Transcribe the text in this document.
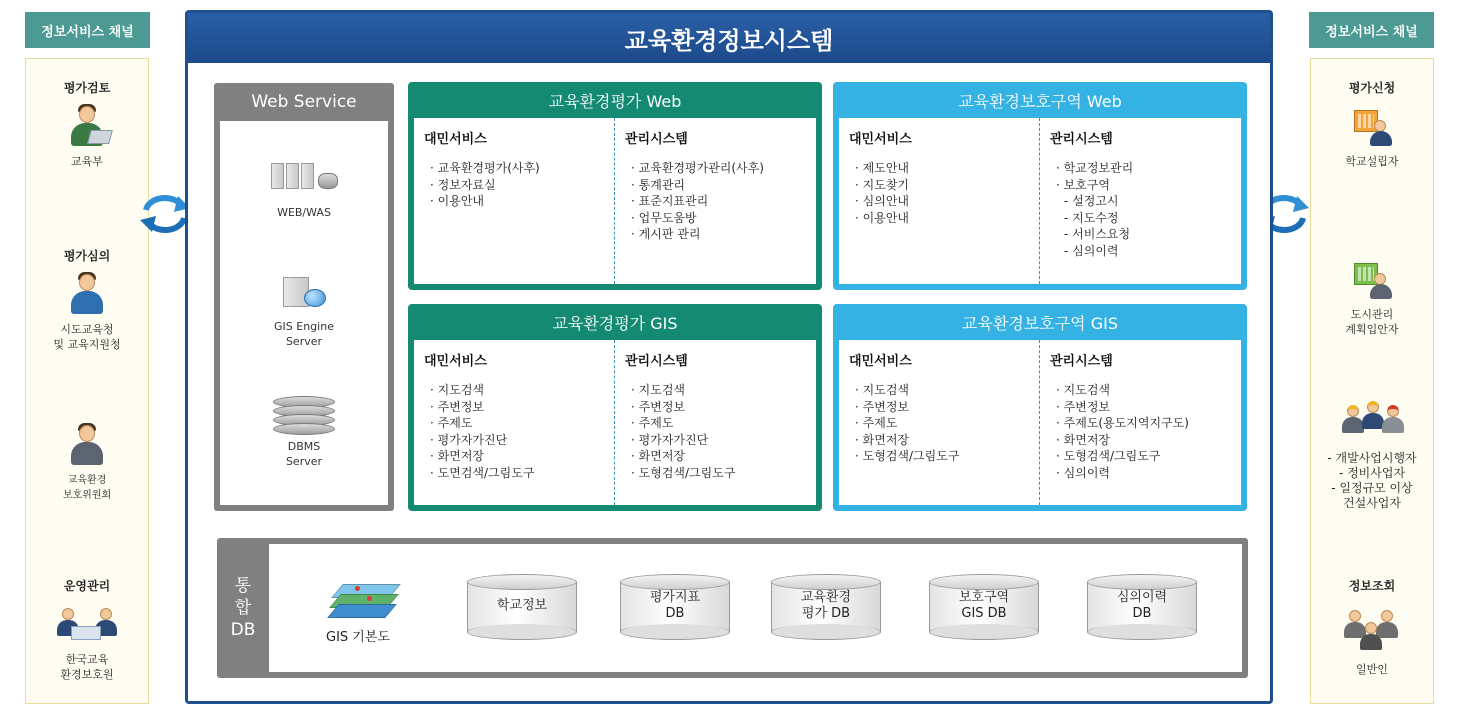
정보서비스 채널
평가검토
교육부
평가심의
시도교육청
및 교육지원청
교육환경
보호위원회
운영관리
한국교육
환경보호원
정보서비스 채널
평가신청
학교설립자
도시관리
계획입안자
- 개발사업시행자
- 정비사업자
- 일정규모 이상
건설사업자
정보조회
일반인
교육환경정보시스템
Web Service

WEB/WAS

GIS Engine
Server
DBMS
Server
교육환경평가 Web
대민서비스
· 교육환경평가(사후)
· 정보자료실
· 이용안내
관리시스템
· 교육환경평가관리(사후)
· 통계관리
· 표준지표관리
· 업무도움방
· 게시판 관리
교육환경보호구역 Web
대민서비스
· 제도안내
· 지도찾기
· 심의안내
· 이용안내
관리시스템
· 학교정보관리
· 보호구역
- 설정고시
- 지도수정
- 서비스요청
- 심의이력
교육환경평가 GIS
대민서비스
· 지도검색
· 주변정보
· 주제도
· 평가자가진단
· 화면저장
· 도면검색/그림도구
관리시스템
· 지도검색
· 주변정보
· 주제도
· 평가자가진단
· 화면저장
· 도형검색/그림도구
교육환경보호구역 GIS
대민서비스
· 지도검색
· 주변정보
· 주제도
· 화면저장
· 도형검색/그림도구
관리시스템
· 지도검색
· 주변정보
· 주제도(용도지역지구도)
· 화면저장
· 도형검색/그림도구
· 심의이력
통
합
DB	GIS 기본도
학교정보
평가지표
DB
교육환경
평가 DB
보호구역
GIS DB
심의이력
DB
